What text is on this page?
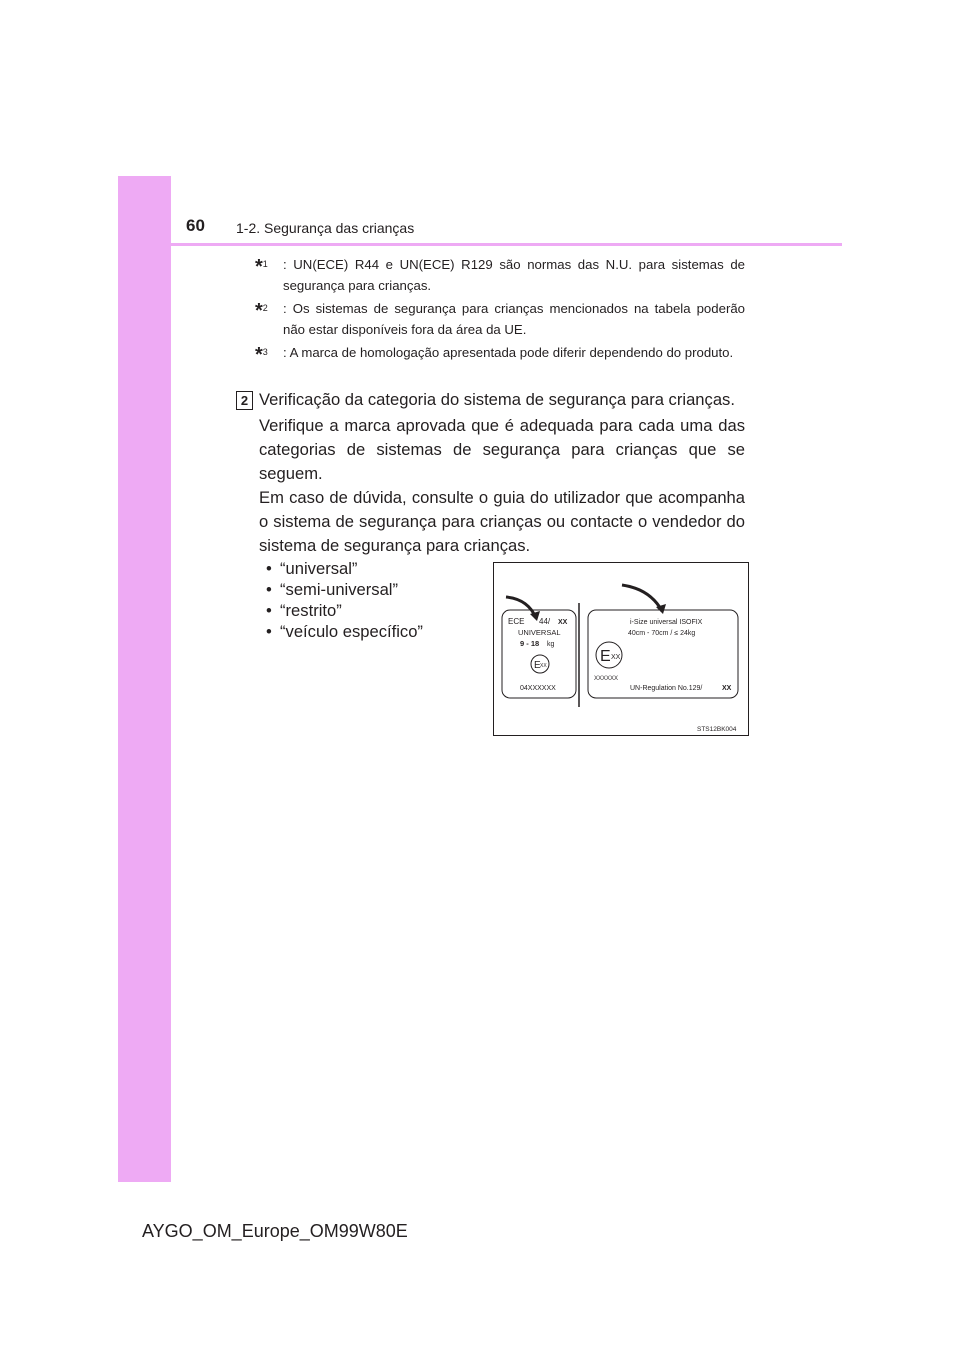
60 1-2. Segurança das crianças
*$^1$	: UN(ECE) R44 e UN(ECE) R129 são normas das N.U. para sistemas de segurança para crianças.
*$^2$	: Os sistemas de segurança para crianças mencionados na tabela poderão não estar disponíveis fora da área da UE.
*$^3$	: A marca de homologação apresentada pode diferir dependendo do produto.
2 Verificação da categoria do sistema de segurança para crianças.
Verifique a marca aprovada que é adequada para cada uma das categorias de sistemas de segurança para crianças que se seguem.
Em caso de dúvida, consulte o guia do utilizador que acompanha o sistema de segurança para crianças ou contacte o vendedor do sistema de segurança para crianças.
• “universal”
• “semi-universal”
• “restrito”
• “veículo específico”
ECE 44/ XX
UNIVERSAL
9 - 18 kg
E XX
04XXXXXX
i-Size universal ISOFIX
40cm - 70cm / ≤ 24kg
E XX
XXXXXX
UN-Regulation No.129/	XX
STS12BK004
AYGO_OM_Europe_OM99W80E
